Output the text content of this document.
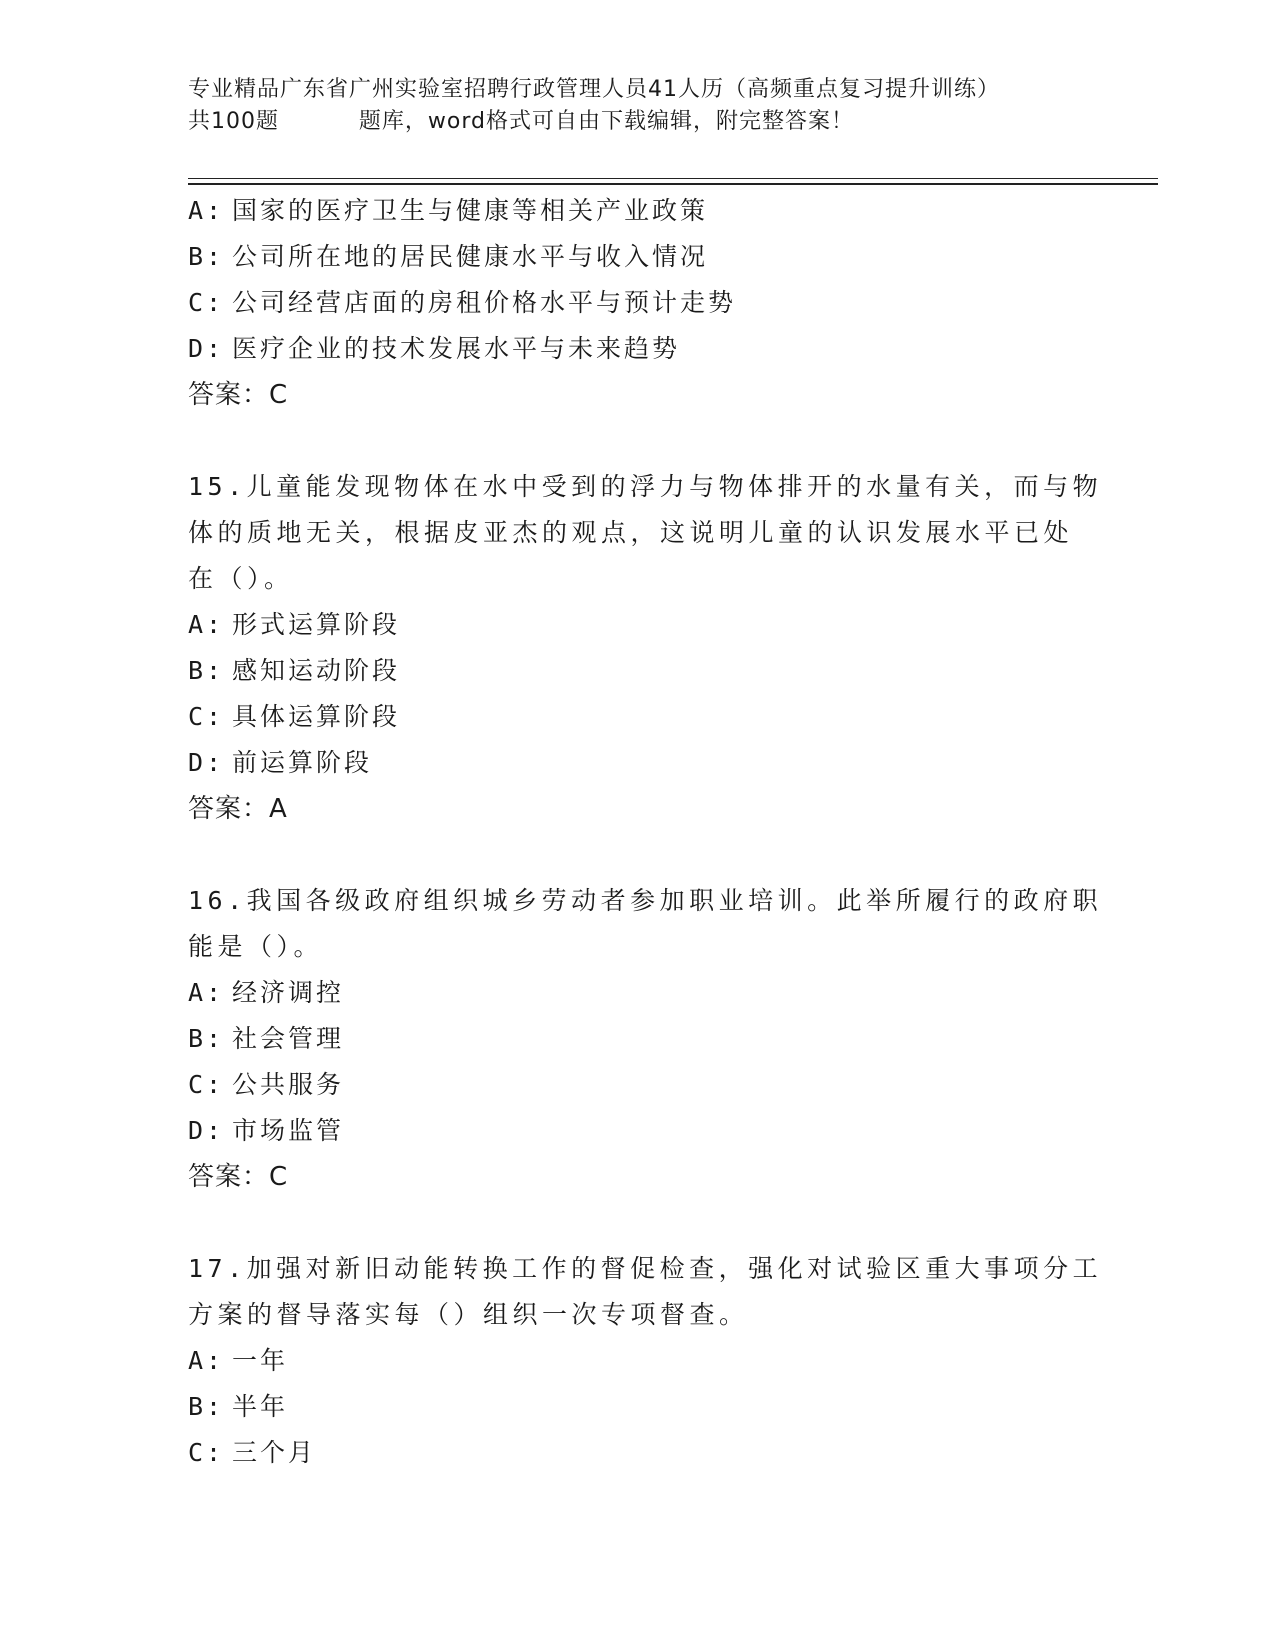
专业精品广东省广州实验室招聘行政管理人员41人历（高频重点复习提升训练）
共100题          题库，word格式可自由下载编辑，附完整答案！
A: 国家的医疗卫生与健康等相关产业政策
B: 公司所在地的居民健康水平与收入情况
C: 公司经营店面的房租价格水平与预计走势
D: 医疗企业的技术发展水平与未来趋势
答案：C
15.儿童能发现物体在水中受到的浮力与物体排开的水量有关，而与物
体的质地无关，根据皮亚杰的观点，这说明儿童的认识发展水平已处
在（）。
A: 形式运算阶段
B: 感知运动阶段
C: 具体运算阶段
D: 前运算阶段
答案：A
16.我国各级政府组织城乡劳动者参加职业培训。此举所履行的政府职
能是（）。
A: 经济调控
B: 社会管理
C: 公共服务
D: 市场监管
答案：C
17.加强对新旧动能转换工作的督促检查，强化对试验区重大事项分工
方案的督导落实每（）组织一次专项督查。
A: 一年
B: 半年
C: 三个月
